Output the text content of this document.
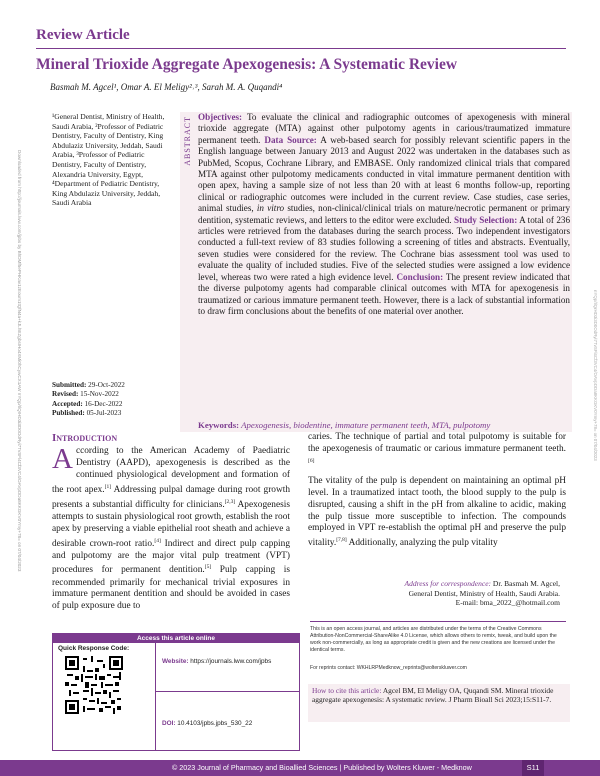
Review Article
Mineral Trioxide Aggregate Apexogenesis: A Systematic Review
Basmah M. Agcel¹, Omar A. El Meligy²˒³, Sarah M. A. Quqandi⁴
Downloaded from http://journals.lww.com/jpbs by BhDMf5ePHKav1zEoum1tQfN4a+kJLhEZgbsIHo4XMi0hCywCX1AW nYQp/IlQrHD3i3D0OdRyi7TvSFl4Cf3VC4/OAVpDDa8KKGKV0Ymy+78= on 07/04/2023	nYQp/IlQrHD3i3D0OdRyi7TvSFl4Cf3VC4/OAVpDDa8KKGKV0Ymy+78= on 07/04/2023
¹General Dentist, Ministry of Health, Saudi Arabia, ²Professor of Pediatric Dentistry, Faculty of Dentistry, King Abdulaziz University, Jeddah, Saudi Arabia, ³Professor of Pediatric Dentistry, Faculty of Dentistry, Alexandria University, Egypt, ⁴Department of Pediatric Dentistry, King Abdulaziz University, Jeddah, Saudi Arabia
Submitted: 29-Oct-2022
Revised: 15-Nov-2022
Accepted: 16-Dec-2022
Published: 05-Jul-2023
ABSTRACT Objectives: To evaluate the clinical and radiographic outcomes of apexogenesis with mineral trioxide aggregate (MTA) against other pulpotomy agents in carious/traumatized immature permanent teeth. Data Source: A web-based search for possibly relevant scientific papers in the English language between January 2013 and August 2022 was undertaken in the databases such as PubMed, Scopus, Cochrane Library, and EMBASE. Only randomized clinical trials that compared MTA against other pulpotomy medicaments conducted in vital immature permanent dentition with open apex, having a sample size of not less than 20 with at least 6 months follow-up, reporting clinical or radiographic outcomes were included in the current review. Case studies, case series, animal studies, in vitro studies, non-clinical/clinical trials on mature/necrotic permanent or primary dentition, systematic reviews, and letters to the editor were excluded. Study Selection: A total of 236 articles were retrieved from the databases during the search process. Two independent investigators conducted a full-text review of 83 studies following a screening of titles and abstracts. Eventually, seven studies were considered for the review. The Cochrane bias assessment tool was used to evaluate the quality of included studies. Five of the selected studies were assigned a low evidence level, whereas two were rated a high evidence level. Conclusion: The present review indicated that the diverse pulpotomy agents had comparable clinical outcomes with MTA for apexogenesis in traumatized or carious immature permanent teeth. However, there is a lack of substantial information to draw firm conclusions about the benefits of one material over another.
Keywords: Apexogenesis, biodentine, immature permanent teeth, MTA, pulpotomy
Introduction
According to the American Academy of Paediatric Dentistry (AAPD), apexogenesis is described as the continued physiological development and formation of the root apex.[1] Addressing pulpal damage during root growth presents a substantial difficulty for clinicians.[2,3] Apexogenesis attempts to sustain physiological root growth, establish the root apex by preserving a viable epithelial root sheath and achieve a desirable crown-root ratio.[4] Indirect and direct pulp capping and pulpotomy are the major vital pulp treatment (VPT) procedures for permanent dentition.[5] Pulp capping is recommended primarily for mechanical trivial exposures in immature permanent dentition and should be avoided in cases of pulp exposure due to

caries. The technique of partial and total pulpotomy is suitable for the apexogenesis of traumatic or carious immature permanent teeth.[6]

The vitality of the pulp is dependent on maintaining an optimal pH level. In a traumatized intact tooth, the blood supply to the pulp is disrupted, causing a shift in the pH from alkaline to acidic, making the pulp tissue more susceptible to infection. The compounds employed in VPT re-establish the optimal pH and preserve the pulp vitality.[7,8] Additionally, analyzing the pulp vitality

Address for correspondence: Dr. Basmah M. Agcel,
General Dentist, Ministry of Health, Saudi Arabia.
E-mail: bma_2022_@hotmail.com
This is an open access journal, and articles are distributed under the terms of the Creative Commons Attribution-NonCommercial-ShareAlike 4.0 License, which allows others to remix, tweak, and build upon the work non-commercially, as long as appropriate credit is given and the new creations are licensed under the identical terms.
For reprints contact: WKHLRPMedknow_reprints@wolterskluwer.com
How to cite this article: Agcel BM, El Meligy OA, Quqandi SM. Mineral trioxide aggregate apexogenesis: A systematic review. J Pharm Bioall Sci 2023;15:S11-7.
Access this article online
Quick Response Code:
Website: https://journals.lww.com/jpbs
DOI: 10.4103/jpbs.jpbs_530_22
© 2023 Journal of Pharmacy and Bioallied Sciences | Published by Wolters Kluwer - Medknow	S11
